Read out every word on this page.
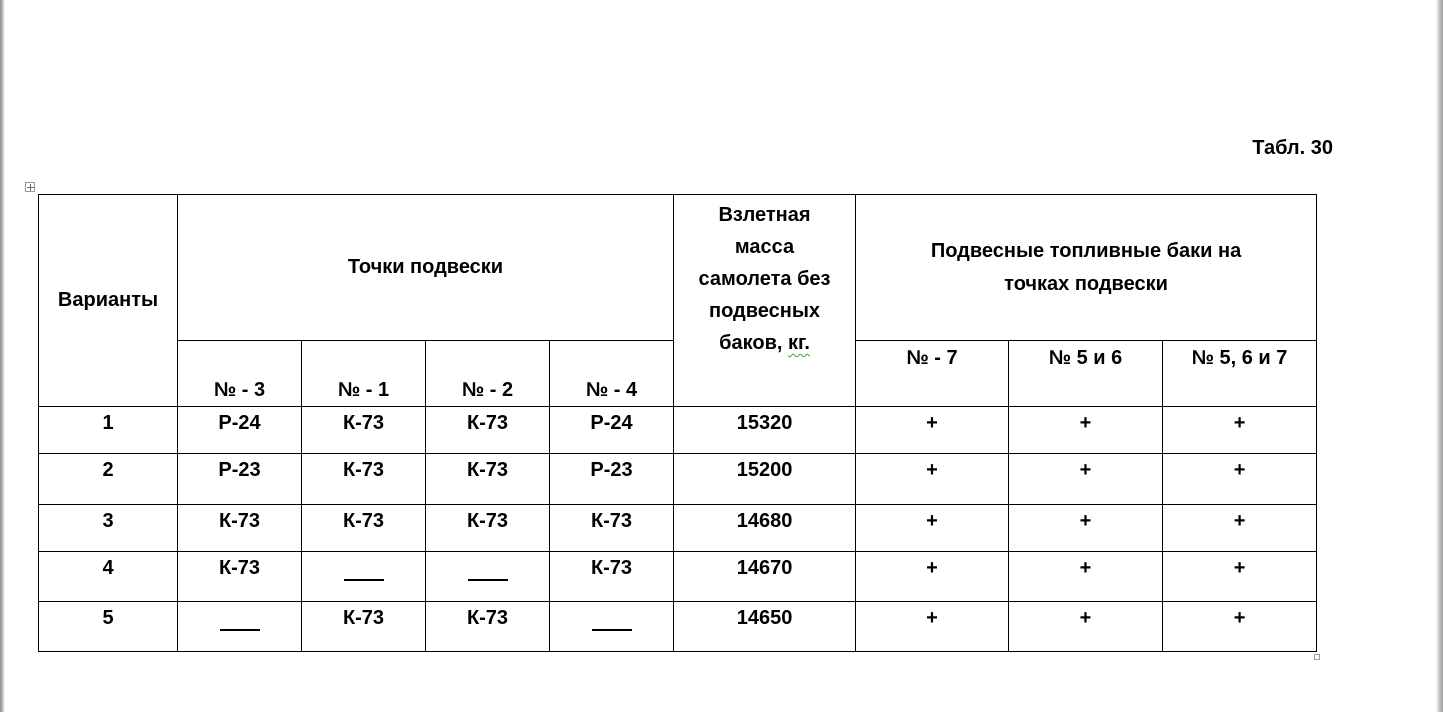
Табл. 30
Варианты	Точки подвески				Взлетная
масса
самолета без
подвесных
баков, кг.	Подвесные топливные баки на
точках подвески		
	№ - 3	№ - 1	№ - 2	№ - 4		№ - 7	№ 5 и 6	№ 5, 6 и 7
1	Р-24	К-73	К-73	Р-24	15320	+	+	+
2	Р-23	К-73	К-73	Р-23	15200	+	+	+
3	К-73	К-73	К-73	К-73	14680	+	+	+
4	К-73			К-73	14670	+	+	+
5		К-73	К-73		14650	+	+	+
